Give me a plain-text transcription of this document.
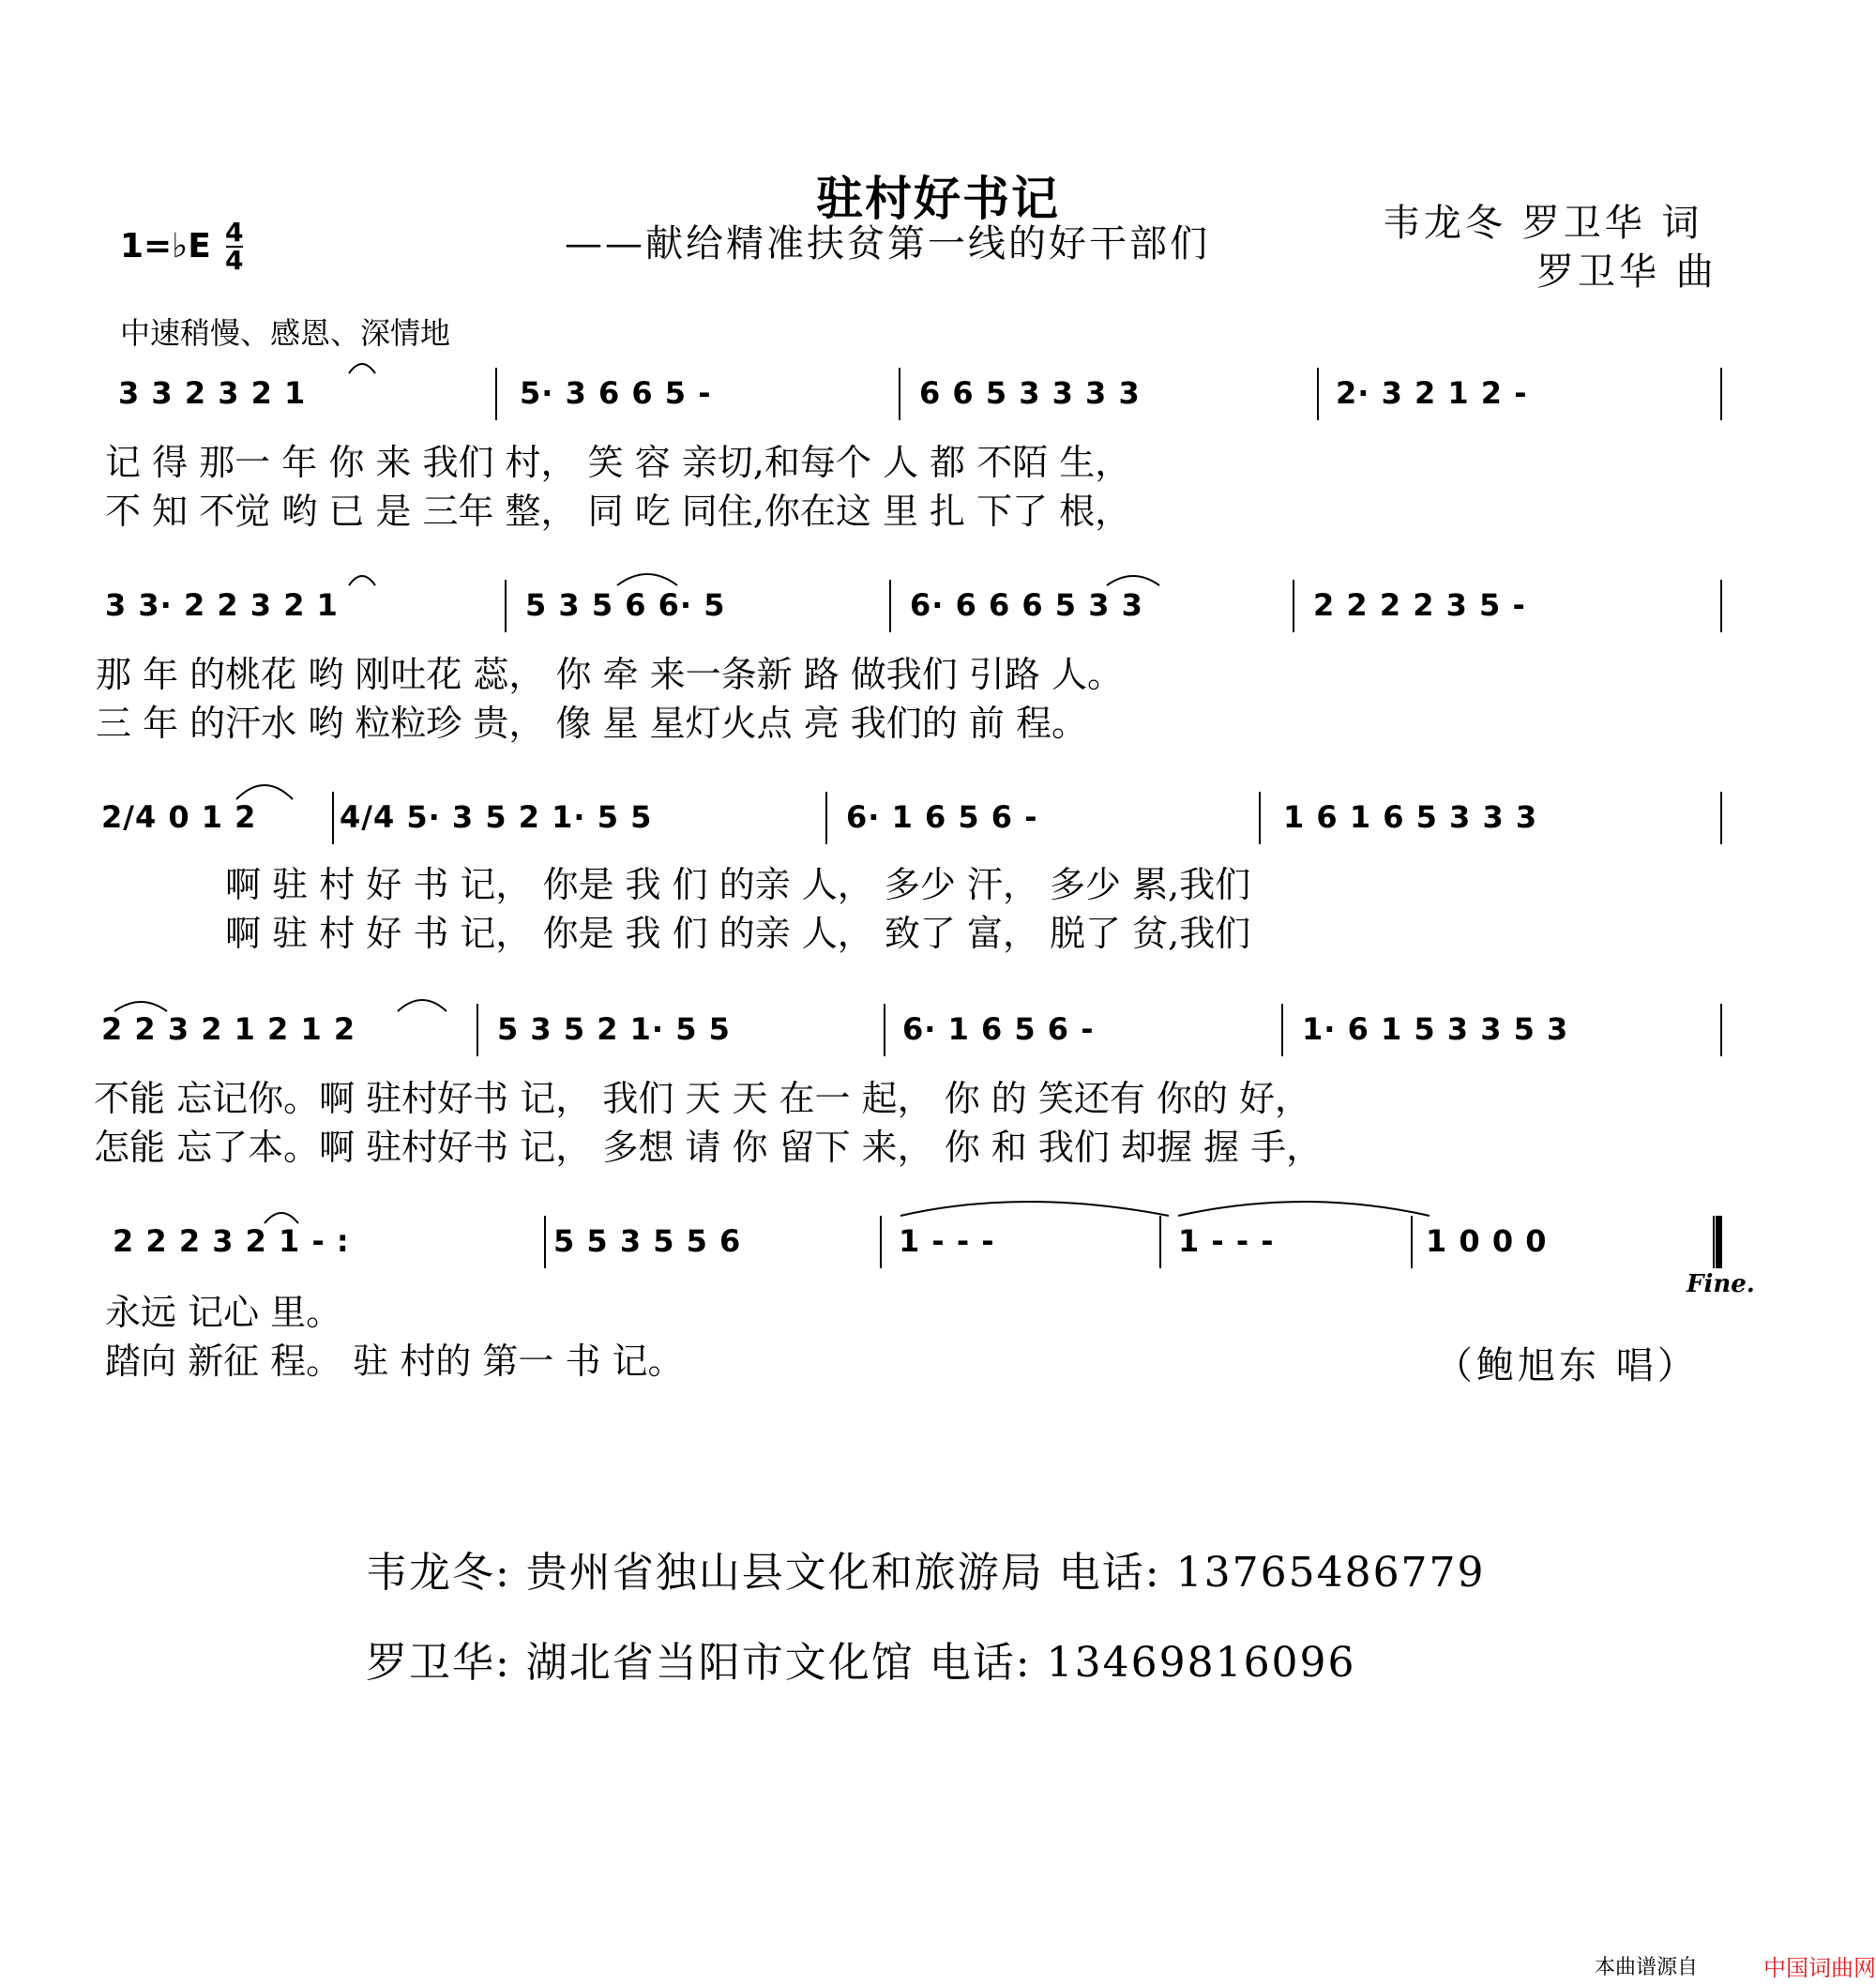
驻村好书记
——献给精准扶贫第一线的好干部们	韦龙冬 罗卫华 词
罗卫华 曲
1=♭E 4
4
中速稍慢、感恩、深情地
3 3 2 3 2 1	5· 3 6 6 5 -	6 6 5 3 3 3 3	2· 3 2 1 2 -
记 得 那一 年 你 来 我们 村， 笑 容 亲切,和每个 人 都 不陌 生，
不 知 不觉 哟 已 是 三年 整， 同 吃 同住,你在这 里 扎 下了 根，
3 3· 2 2 3 2 1	5 3 5 6 6· 5	6· 6 6 6 5 3 3	2 2 2 2 3 5 -
那 年 的桃花 哟 刚吐花 蕊， 你 牵 来一条新 路 做我们 引路 人。
三 年 的汗水 哟 粒粒珍 贵， 像 星 星灯火点 亮 我们的 前 程。
2/4 0 1 2	4/4 5· 3 5 2 1· 5 5	6· 1 6 5 6 -	1 6 1 6 5 3 3 3
啊 驻 村 好 书 记， 你是 我 们 的亲 人， 多少 汗， 多少 累,我们
啊 驻 村 好 书 记， 你是 我 们 的亲 人， 致了 富， 脱了 贫,我们
2 2 3 2 1 2 1 2	5 3 5 2 1· 5 5	6· 1 6 5 6 -	1· 6 1 5 3 3 5 3
不能 忘记你。啊 驻村好书 记， 我们 天 天 在一 起， 你 的 笑还有 你的 好，
怎能 忘了本。啊 驻村好书 记， 多想 请 你 留下 来， 你 和 我们 却握 握 手，
2 2 2 3 2 1 - :	5 5 3 5 5 6	1 - - -	1 - - -	1 0 0 0
Fine.
永远 记心 里。
踏向 新征 程。 驻 村的 第一 书 记。	（鲍旭东 唱）
韦龙冬: 贵州省独山县文化和旅游局 电话: 13765486779
罗卫华: 湖北省当阳市文化馆 电话: 13469816096
本曲谱源自	中国词曲网
